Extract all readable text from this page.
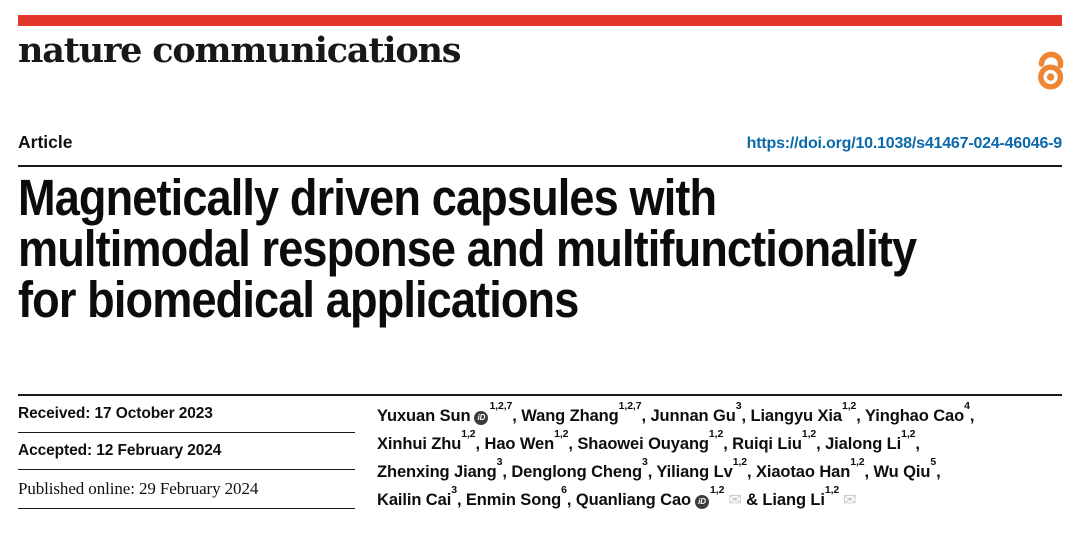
nature communications
Article	https://doi.org/10.1038/s41467-024-46046-9
Magnetically driven capsules with
multimodal response and multifunctionality
for biomedical applications
Received: 17 October 2023
Accepted: 12 February 2024
Published online: 29 February 2024
Yuxuan Sun iD$^{1,2,7}$, Wang Zhang$^{1,2,7}$, Junnan Gu$^3$, Liangyu Xia$^{1,2}$, Yinghao Cao$^4$,
Xinhui Zhu$^{1,2}$, Hao Wen$^{1,2}$, Shaowei Ouyang$^{1,2}$, Ruiqi Liu$^{1,2}$, Jialong Li$^{1,2}$,
Zhenxing Jiang$^3$, Denglong Cheng$^3$, Yiliang Lv$^{1,2}$, Xiaotao Han$^{1,2}$, Wu Qiu$^5$,
Kailin Cai$^3$, Enmin Song$^6$, Quanliang Cao iD$^{1,2}$✉ & Liang Li$^{1,2}$✉
